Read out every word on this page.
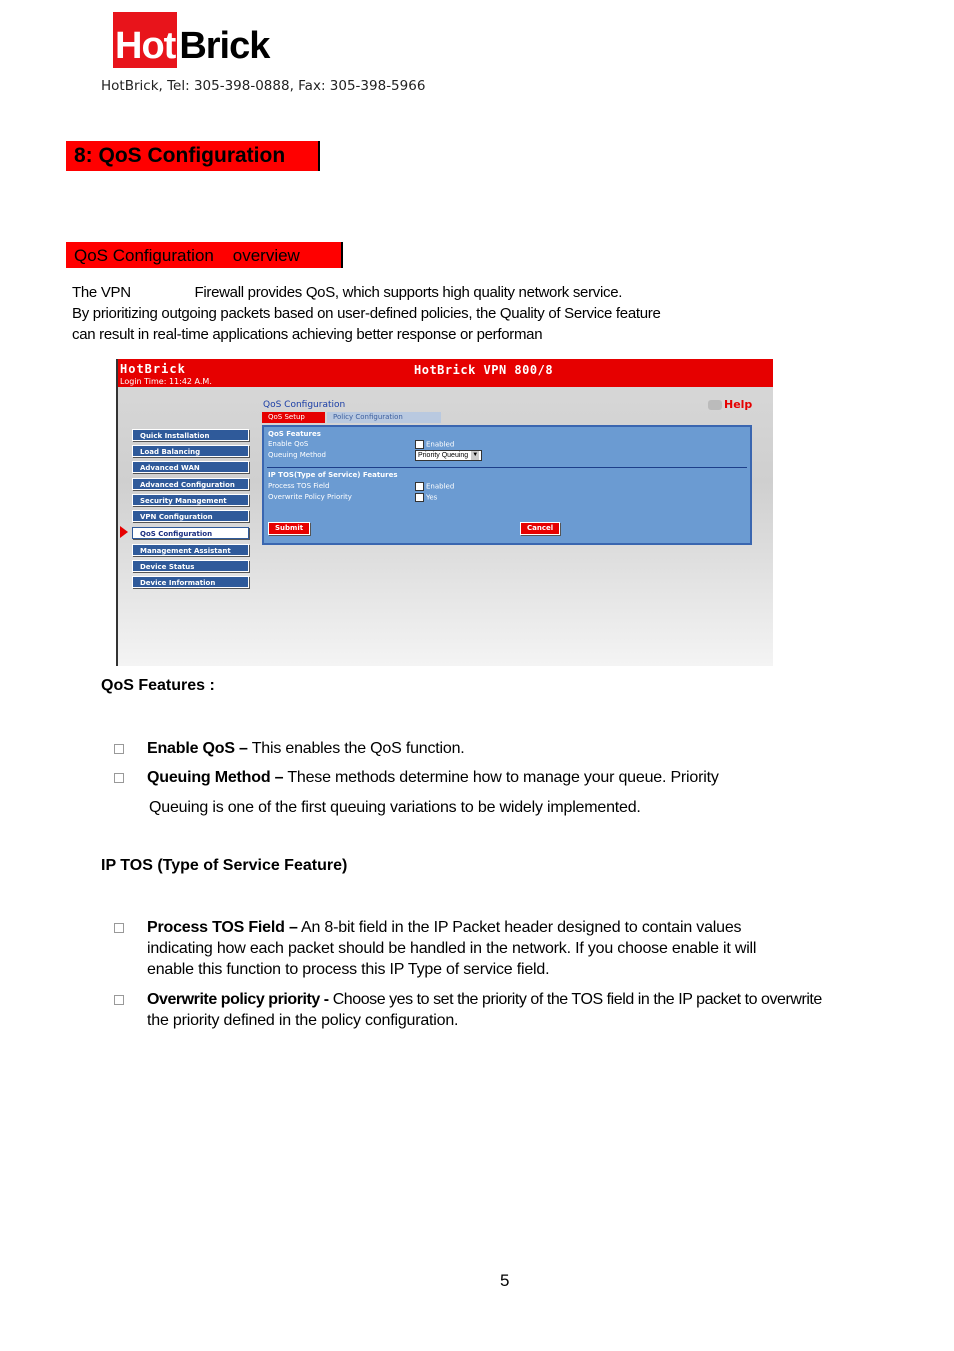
Hot Brick
HotBrick, Tel: 305-398-0888, Fax: 305-398-5966
8: QoS Configuration
QoS Configuration    overview
The VPN	Firewall provides QoS, which supports high quality network service.
By prioritizing outgoing packets based on user-defined policies, the Quality of Service feature
can result in real-time applications achieving better response or performan
HotBrick
Login Time: 11:42 A.M.
HotBrick VPN 800/8
Quick Installation
Load Balancing
Advanced WAN
Advanced Configuration
Security Management
VPN Configuration
QoS Configuration
Management Assistant
Device Status
Device Information
QoS Configuration
QoS Setup	Policy Configuration
Help
QoS Features
Enable QoS	Enabled
Queuing Method	Priority Queuing ▼
IP TOS(Type of Service) Features
Process TOS Field	Enabled
Overwrite Policy Priority	Yes
Submit	Cancel
QoS Features :
Enable QoS – This enables the QoS function.
Queuing Method – These methods determine how to manage your queue. Priority
Queuing is one of the first queuing variations to be widely implemented.
IP TOS (Type of Service Feature)
Process TOS Field – An 8-bit field in the IP Packet header designed to contain values
indicating how each packet should be handled in the network. If you choose enable it will
enable this function to process this IP Type of service field.
Overwrite policy priority - Choose yes to set the priority of the TOS field in the IP packet to overwrite
the priority defined in the policy configuration.
5
